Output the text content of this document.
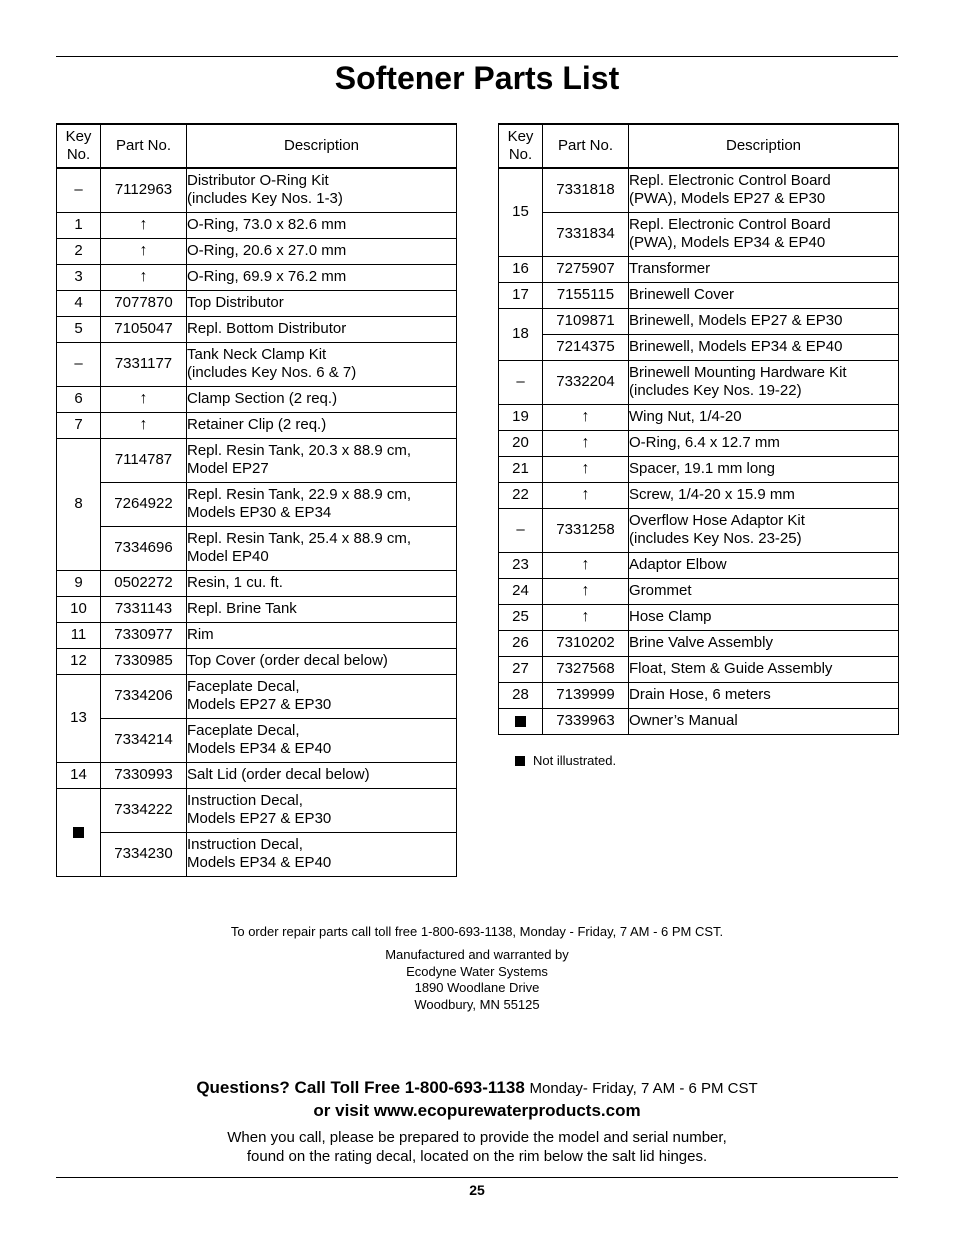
Softener Parts List
Key
No.	Part No.	Description
–	7112963	Distributor O-Ring Kit
(includes Key Nos. 1-3)

1	↑	O-Ring, 73.0 x 82.6 mm

2	↑	O-Ring, 20.6 x 27.0 mm

3	↑	O-Ring, 69.9 x 76.2 mm

4	7077870	Top Distributor

5	7105047	Repl. Bottom Distributor

–	7331177	Tank Neck Clamp Kit
(includes Key Nos. 6 & 7)

6	↑	Clamp Section (2 req.)

7	↑	Retainer Clip (2 req.)

8	7114787	Repl. Resin Tank, 20.3 x 88.9 cm,
Model EP27

	7264922	Repl. Resin Tank, 22.9 x 88.9 cm,
Models EP30 & EP34

	7334696	Repl. Resin Tank, 25.4 x 88.9 cm,
Model EP40

9	0502272	Resin, 1 cu. ft.

10	7331143	Repl. Brine Tank

11	7330977	Rim

12	7330985	Top Cover (order decal below)

13	7334206	Faceplate Decal,
Models EP27 & EP30

	7334214	Faceplate Decal,
Models EP34 & EP40

14	7330993	Salt Lid (order decal below)

	7334222	Instruction Decal,
Models EP27 & EP30

	7334230	Instruction Decal,
Models EP34 & EP40
Key
No.	Part No.	Description
15	7331818	Repl. Electronic Control Board
(PWA), Models EP27 & EP30

	7331834	Repl. Electronic Control Board
(PWA), Models EP34 & EP40

16	7275907	Transformer

17	7155115	Brinewell Cover

18	7109871	Brinewell, Models EP27 & EP30

	7214375	Brinewell, Models EP34 & EP40

–	7332204	Brinewell Mounting Hardware Kit
(includes Key Nos. 19-22)

19	↑	Wing Nut, 1/4-20

20	↑	O-Ring, 6.4 x 12.7 mm

21	↑	Spacer, 19.1 mm long

22	↑	Screw, 1/4-20 x 15.9 mm

–	7331258	Overflow Hose Adaptor Kit
(includes Key Nos. 23-25)

23	↑	Adaptor Elbow

24	↑	Grommet

25	↑	Hose Clamp

26	7310202	Brine Valve Assembly

27	7327568	Float, Stem & Guide Assembly

28	7139999	Drain Hose, 6 meters

	7339963	Owner’s Manual
Not illustrated.
To order repair parts call toll free 1-800-693-1138, Monday - Friday, 7 AM - 6 PM CST.
Manufactured and warranted by
Ecodyne Water Systems
1890 Woodlane Drive
Woodbury, MN 55125
Questions? Call Toll Free 1-800-693-1138 Monday- Friday, 7 AM - 6 PM CST
or visit www.ecopurewaterproducts.com
When you call, please be prepared to provide the model and serial number,
found on the rating decal, located on the rim below the salt lid hinges.
25
